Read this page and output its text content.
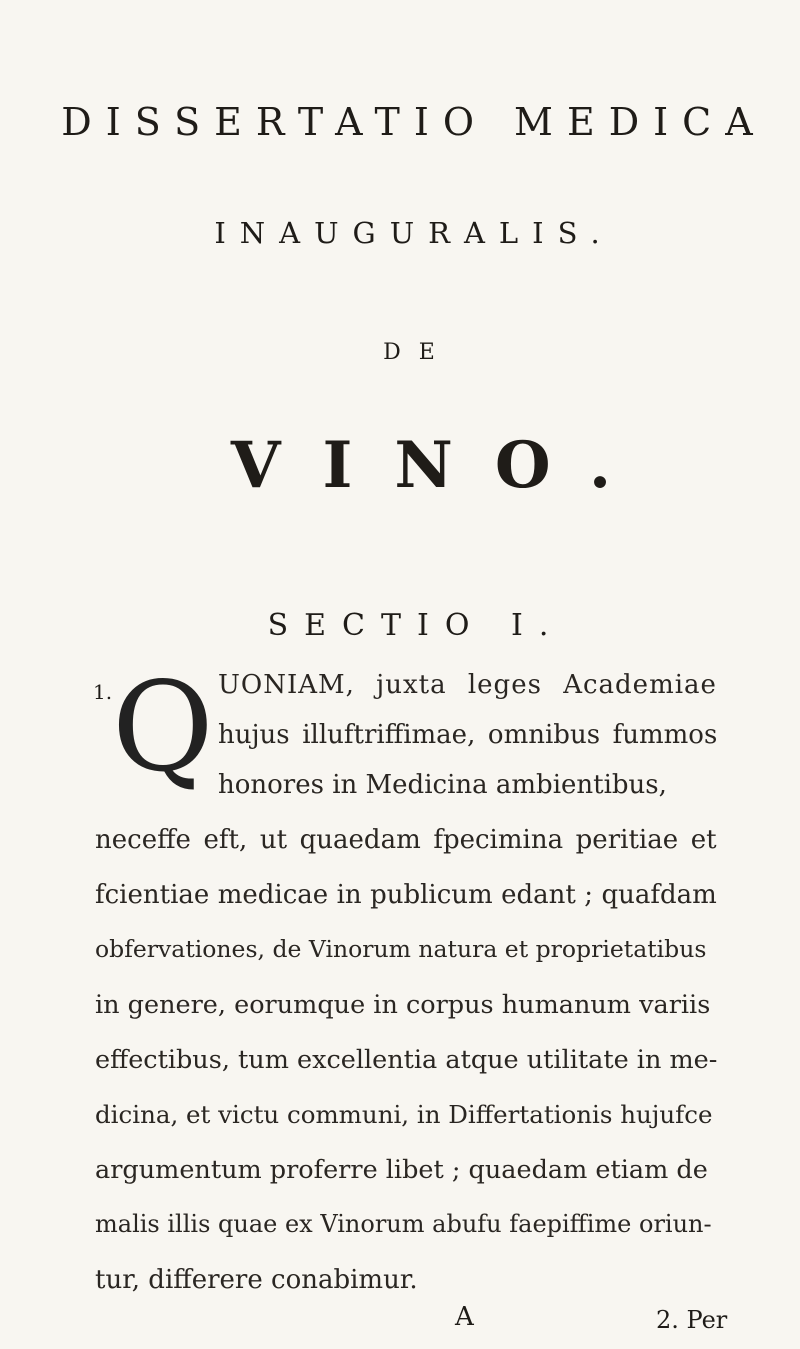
DISSERTATIO MEDICA
INAUGURALIS.
DE
VINO.
SECTIO I.
1. Q UONIAM, juxta leges Academiae
hujus illuftriffimae, omnibus fummos
honores in Medicina ambientibus,
neceffe eft, ut quaedam fpecimina peritiae et
fcientiae medicae in publicum edant ; quafdam
obfervationes, de Vinorum natura et proprietatibus
in genere, eorumque in corpus humanum variis
effectibus, tum excellentia atque utilitate in me-
dicina, et victu communi, in Differtationis hujufce
argumentum proferre libet ; quaedam etiam de
malis illis quae ex Vinorum abufu faepiffime oriun-
tur, differere conabimur.
A	2. Per
